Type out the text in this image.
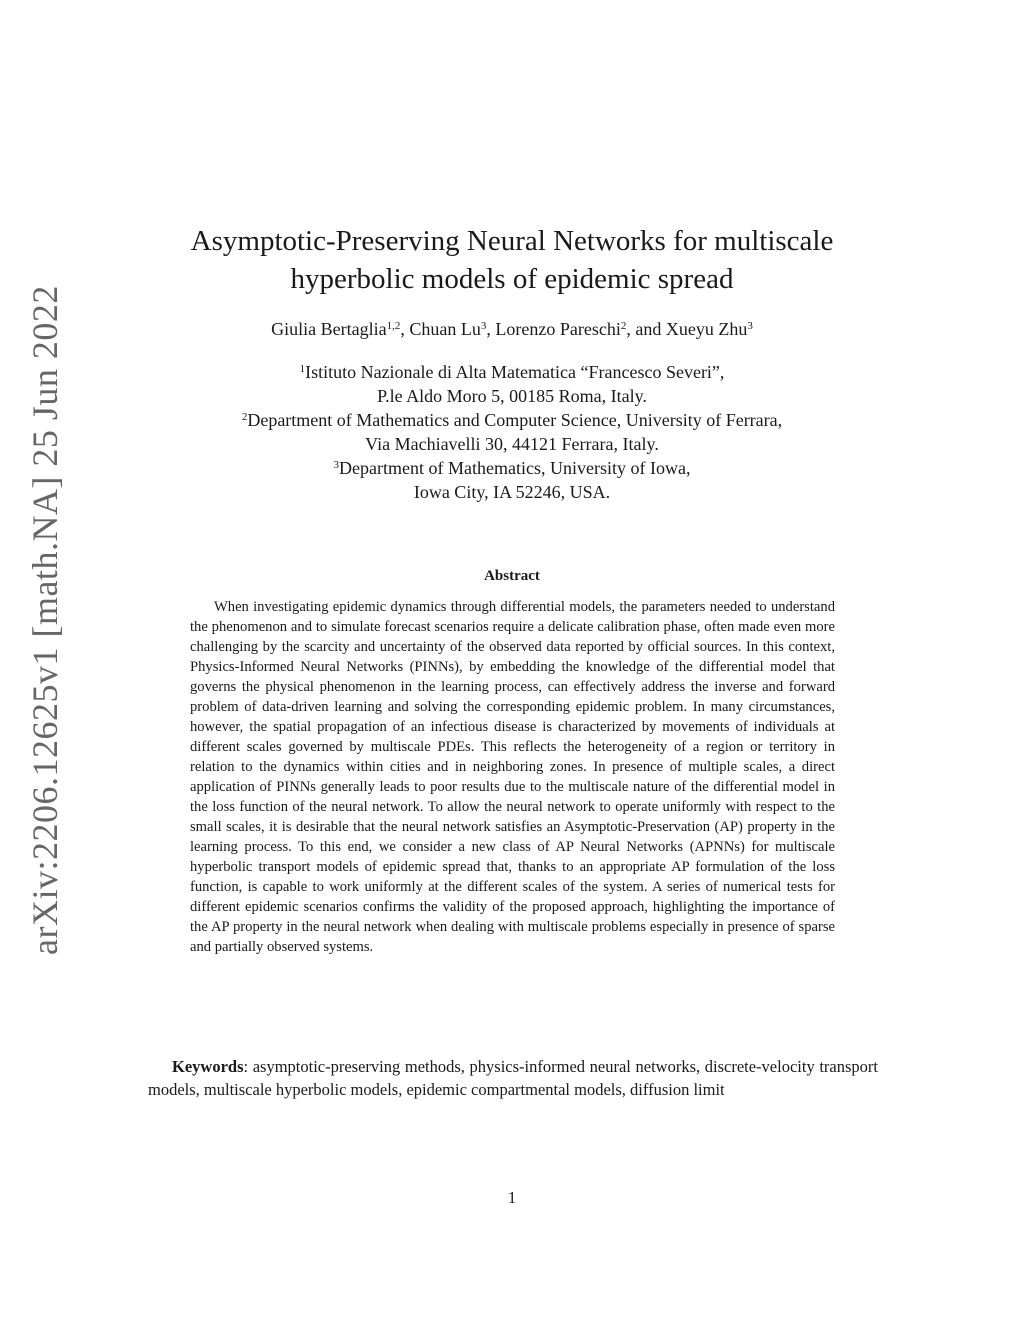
arXiv:2206.12625v1 [math.NA] 25 Jun 2022
Asymptotic-Preserving Neural Networks for multiscale
hyperbolic models of epidemic spread
Giulia Bertaglia$^{1,2}$, Chuan Lu$^3$, Lorenzo Pareschi$^2$, and Xueyu Zhu$^3$
$^1$Istituto Nazionale di Alta Matematica “Francesco Severi”,
P.le Aldo Moro 5, 00185 Roma, Italy.
$^2$Department of Mathematics and Computer Science, University of Ferrara,
Via Machiavelli 30, 44121 Ferrara, Italy.
$^3$Department of Mathematics, University of Iowa,
Iowa City, IA 52246, USA.
Abstract

When investigating epidemic dynamics through differential models, the parameters needed to understand the phenomenon and to simulate forecast scenarios require a delicate calibration phase, often made even more challenging by the scarcity and uncertainty of the observed data reported by official sources. In this context, Physics-Informed Neural Networks (PINNs), by embedding the knowledge of the differential model that governs the physical phenomenon in the learning process, can effectively address the inverse and forward problem of data-driven learning and solving the corresponding epidemic problem. In many circumstances, however, the spatial propagation of an infectious disease is characterized by movements of individuals at different scales governed by multiscale PDEs. This reflects the heterogeneity of a region or territory in relation to the dynamics within cities and in neighboring zones. In presence of multiple scales, a direct application of PINNs generally leads to poor results due to the multiscale nature of the differential model in the loss function of the neural network. To allow the neural network to operate uniformly with respect to the small scales, it is desirable that the neural network satisfies an Asymptotic-Preservation (AP) property in the learning process. To this end, we consider a new class of AP Neural Networks (APNNs) for multiscale hyperbolic transport models of epidemic spread that, thanks to an appropriate AP formulation of the loss function, is capable to work uniformly at the different scales of the system. A series of numerical tests for different epidemic scenarios confirms the validity of the proposed approach, highlighting the importance of the AP property in the neural network when dealing with multiscale problems especially in presence of sparse and partially observed systems.

Keywords: asymptotic-preserving methods, physics-informed neural networks, discrete-velocity transport models, multiscale hyperbolic models, epidemic compartmental models, diffusion limit

1
